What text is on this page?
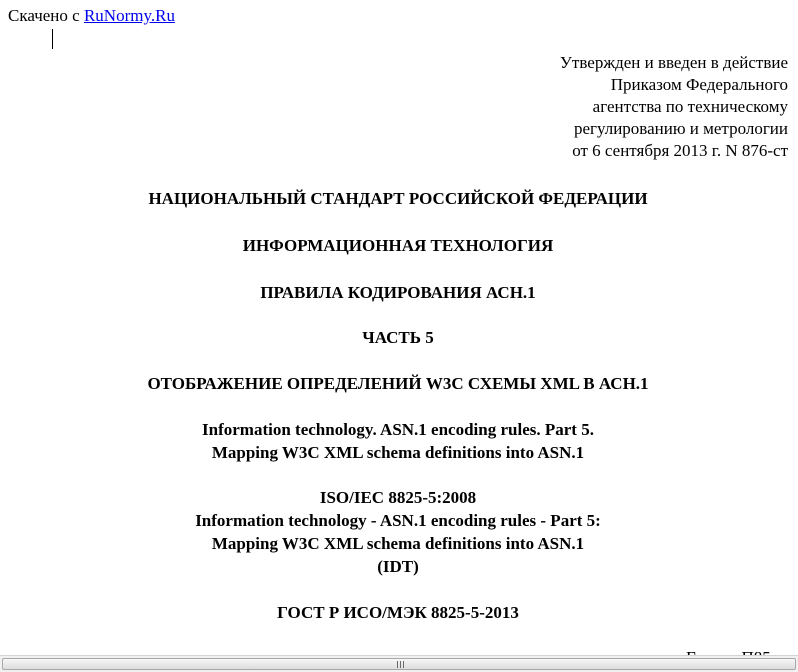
Скачено с RuNormy.Ru
Утвержден и введен в действие
Приказом Федерального
агентства по техническому
регулированию и метрологии
от 6 сентября 2013 г. N 876-ст
НАЦИОНАЛЬНЫЙ СТАНДАРТ РОССИЙСКОЙ ФЕДЕРАЦИИ
ИНФОРМАЦИОННАЯ ТЕХНОЛОГИЯ
ПРАВИЛА КОДИРОВАНИЯ АСН.1
ЧАСТЬ 5
ОТОБРАЖЕНИЕ ОПРЕДЕЛЕНИЙ W3C СХЕМЫ XML В АСН.1
Information technology. ASN.1 encoding rules. Part 5.
Mapping W3C XML schema definitions into ASN.1
ISO/IEC 8825-5:2008
Information technology - ASN.1 encoding rules - Part 5:
Mapping W3C XML schema definitions into ASN.1
(IDT)
ГОСТ Р ИСО/МЭК 8825-5-2013
